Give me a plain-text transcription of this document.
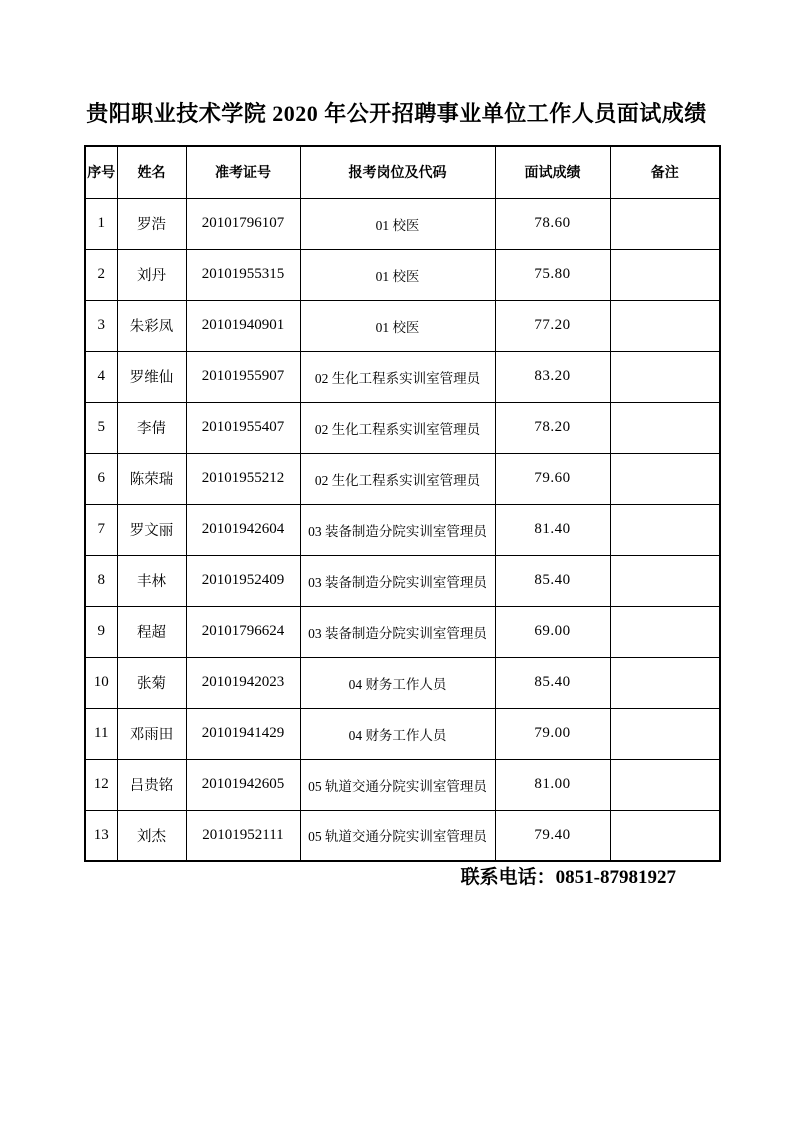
贵阳职业技术学院 2020 年公开招聘事业单位工作人员面试成绩
序号	姓名	准考证号	报考岗位及代码	面试成绩	备注
1	罗浩	20101796107	01 校医	78.60	
2	刘丹	20101955315	01 校医	75.80	
3	朱彩凤	20101940901	01 校医	77.20	
4	罗维仙	20101955907	02 生化工程系实训室管理员	83.20	
5	李倩	20101955407	02 生化工程系实训室管理员	78.20	
6	陈荣瑞	20101955212	02 生化工程系实训室管理员	79.60	
7	罗文丽	20101942604	03 装备制造分院实训室管理员	81.40	
8	丰林	20101952409	03 装备制造分院实训室管理员	85.40	
9	程超	20101796624	03 装备制造分院实训室管理员	69.00	
10	张菊	20101942023	04 财务工作人员	85.40	
11	邓雨田	20101941429	04 财务工作人员	79.00	
12	吕贵铭	20101942605	05 轨道交通分院实训室管理员	81.00	
13	刘杰	20101952111	05 轨道交通分院实训室管理员	79.40	
联系电话：0851-87981927
